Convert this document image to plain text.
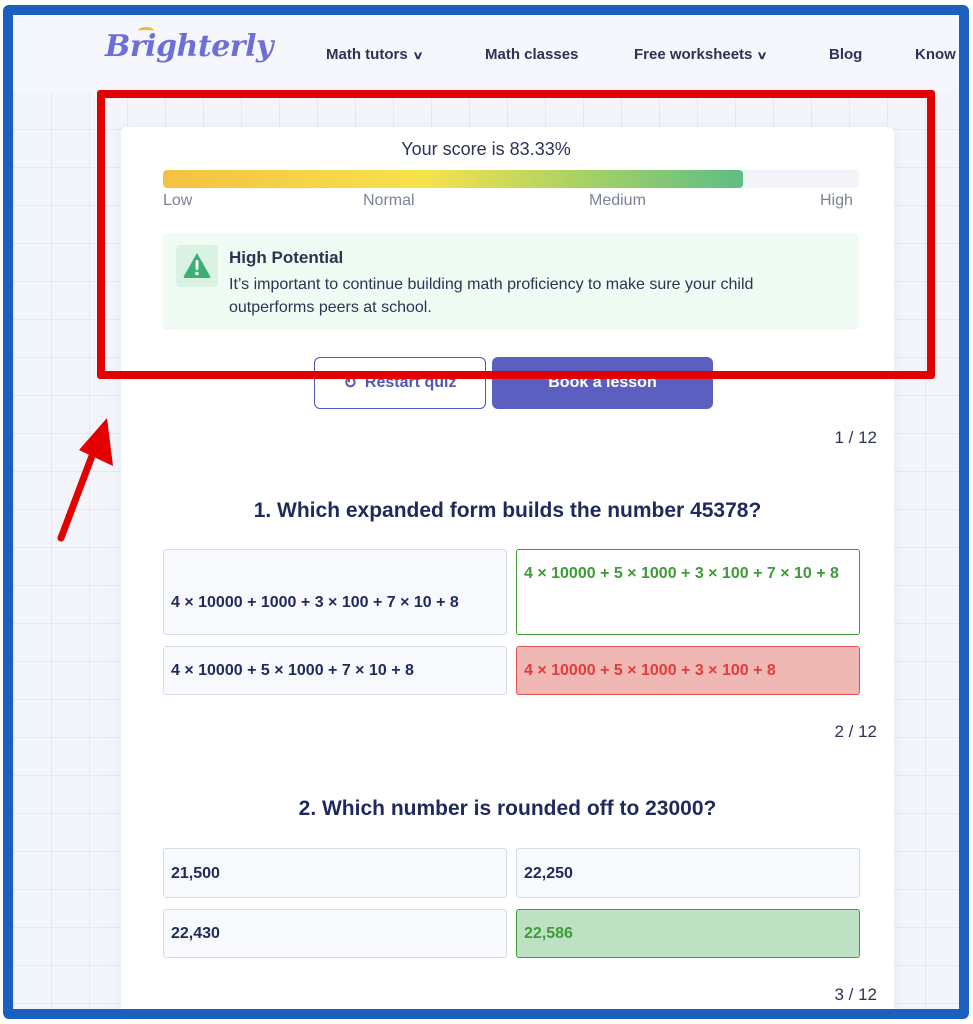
Brighterly	Math tutors ∨	Math classes	Free worksheets ∨	Blog	Know
Your score is 83.33%
Low	Normal	Medium	High
High Potential
It’s important to continue building math proficiency to make sure your child outperforms peers at school.
↻ Restart quiz	Book a lesson
1 / 12
1. Which expanded form builds the number 45378?
4 × 10000 + 1000 + 3 × 100 + 7 × 10 + 8
4 × 10000 + 5 × 1000 + 3 × 100 + 7 × 10 + 8
4 × 10000 + 5 × 1000 + 7 × 10 + 8	4 × 10000 + 5 × 1000 + 3 × 100 + 8
2 / 12
2. Which number is rounded off to 23000?
21,500	22,250
22,430	22,586
3 / 12
